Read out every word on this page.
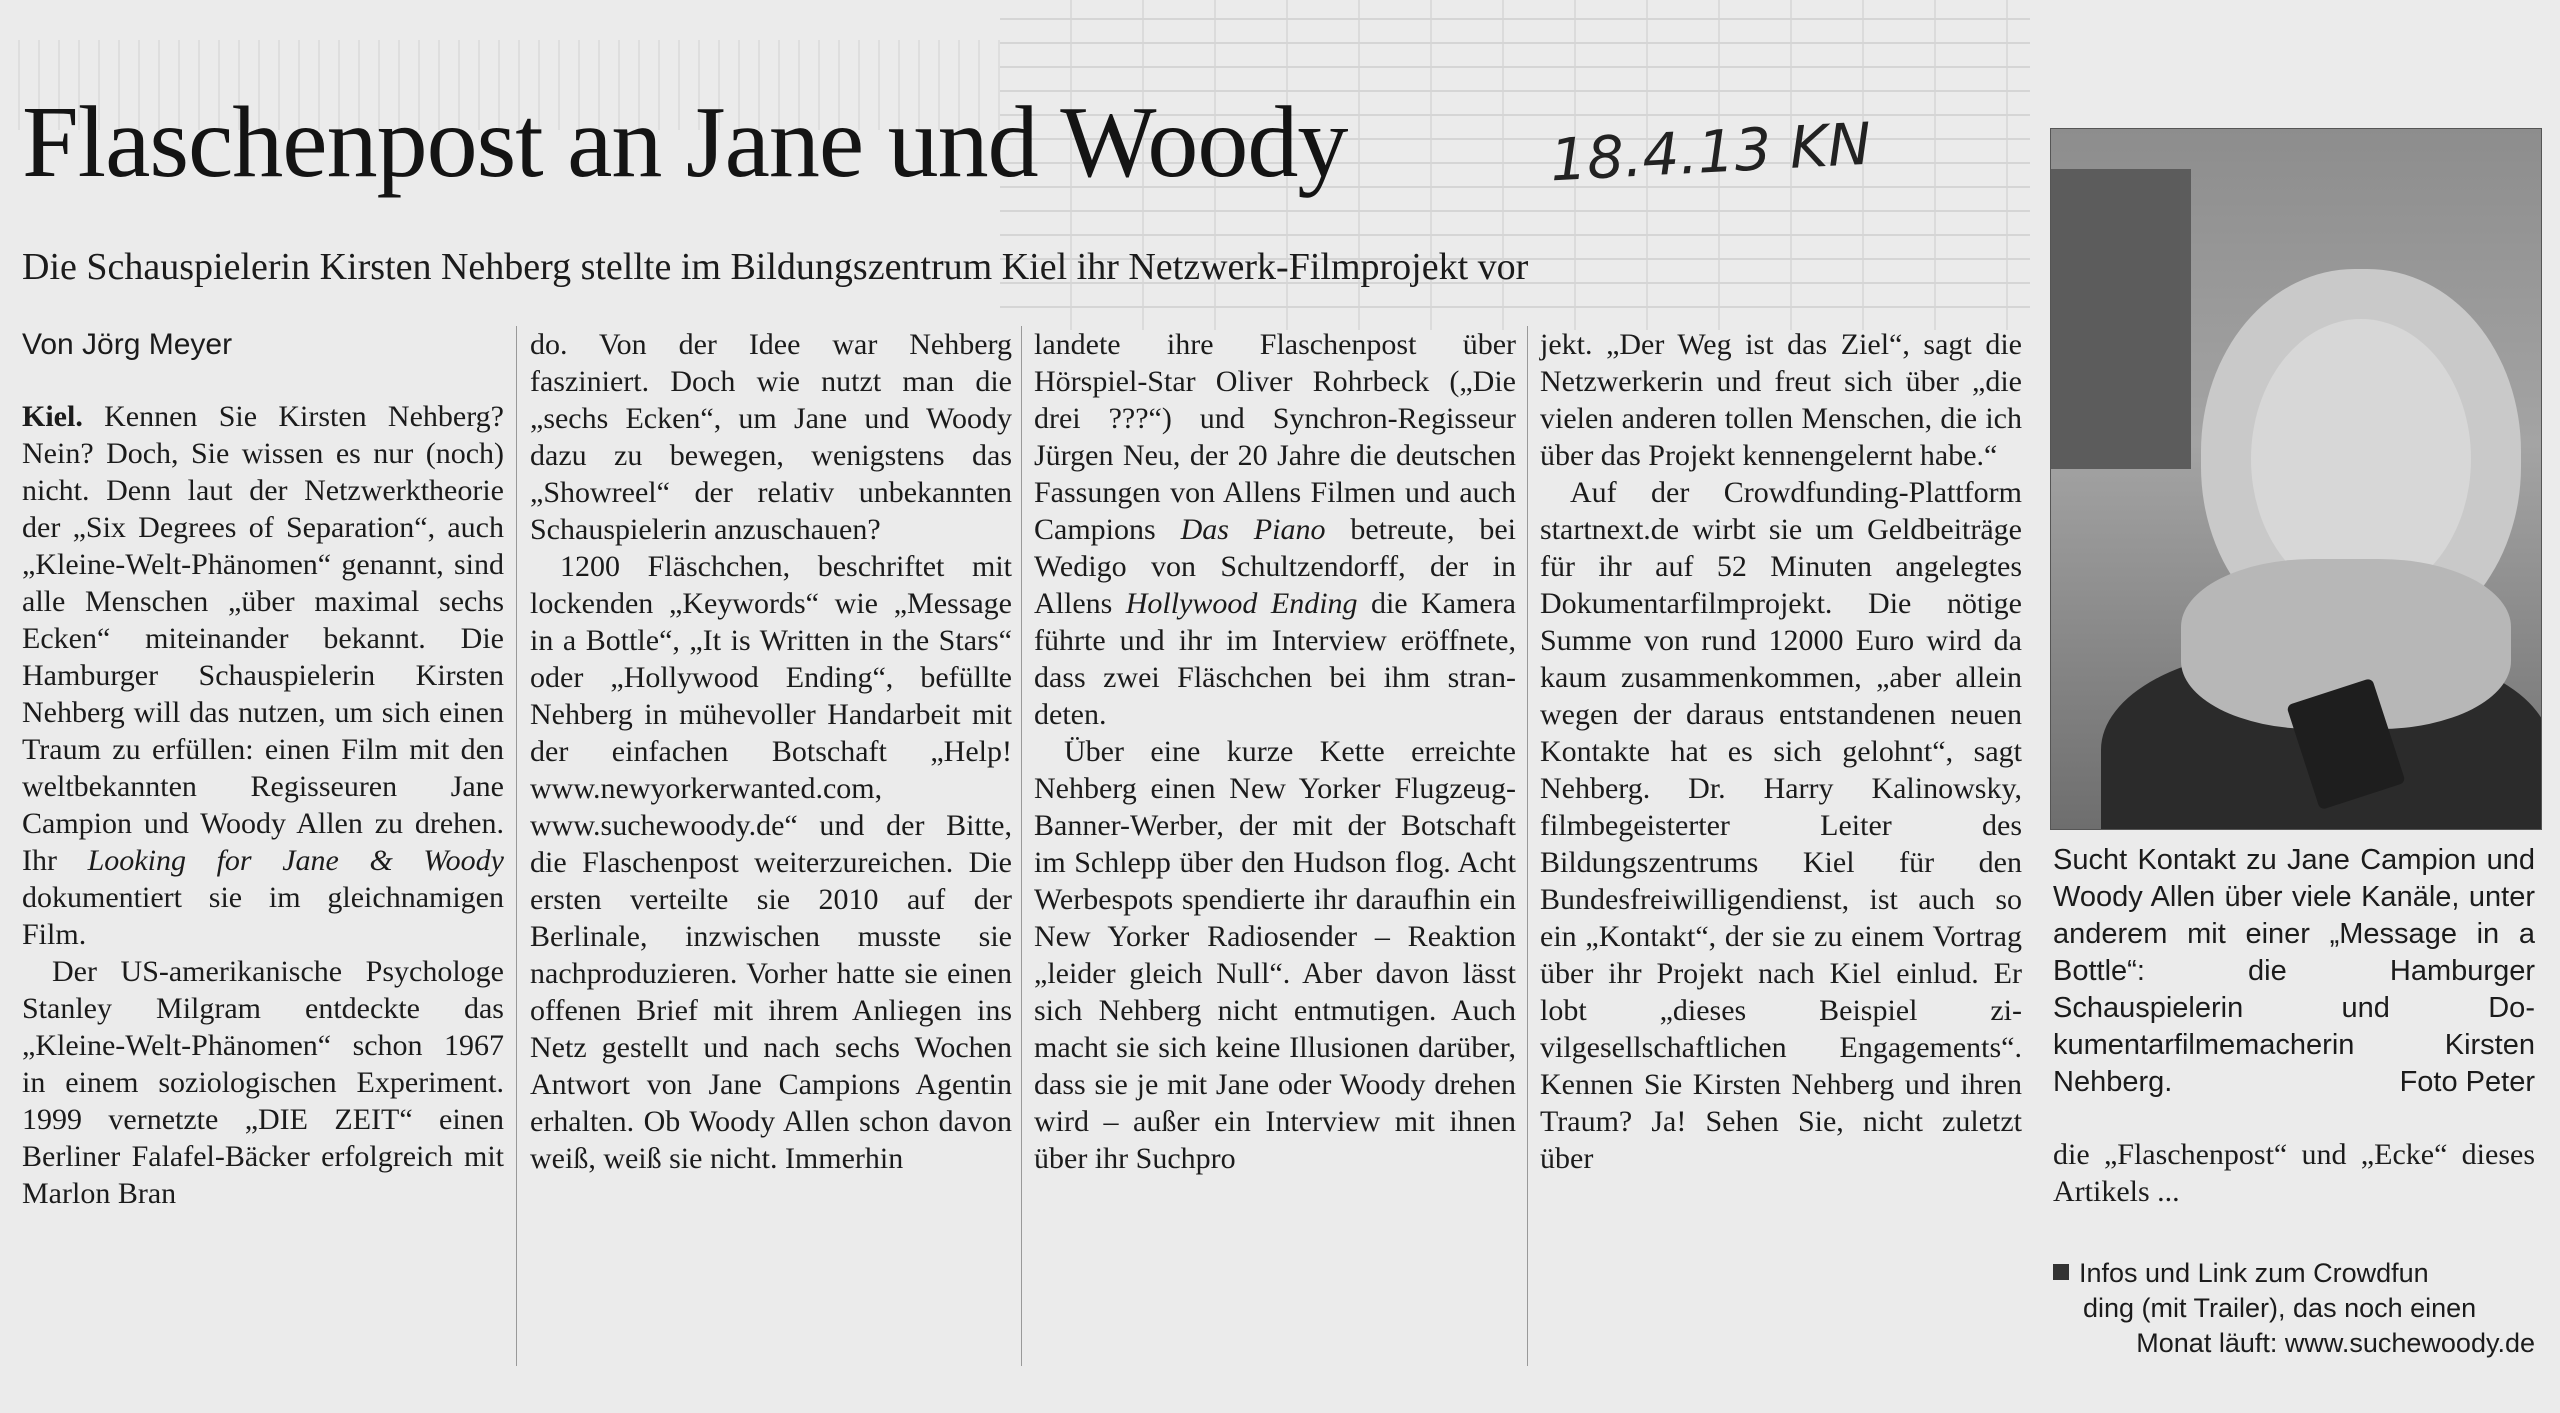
Flaschenpost an Jane und Woody	18.4.13 KN
Die Schauspielerin Kirsten Nehberg stellte im Bildungszentrum Kiel ihr Netzwerk-Filmprojekt vor
Von Jörg Meyer

Kiel. Kennen Sie Kirsten Nehberg? Nein? Doch, Sie wissen es nur (noch) nicht. Denn laut der Netzwerktheorie der „Six Degrees of Separation“, auch „Kleine-Welt-Phänomen“ genannt, sind alle Menschen „über maximal sechs Ecken“ miteinander bekannt. Die Hamburger Schauspielerin Kirsten Nehberg will das nutzen, um sich einen Traum zu erfüllen: einen Film mit den weltbekannten Regisseuren Jane Campion und Woody Allen zu drehen. Ihr Looking for Jane & Woody dokumentiert sie im gleichnamigen Film.

Der US-amerikanische Psychologe Stanley Milgram entdeckte das „Kleine-Welt-Phänomen“ schon 1967 in einem soziologischen Experiment. 1999 vernetzte „DIE ZEIT“ einen Berliner Falafel-Bäcker erfolgreich mit Marlon Bran

do. Von der Idee war Nehberg fasziniert. Doch wie nutzt man die „sechs Ecken“, um Jane und Woody dazu zu bewegen, wenigstens das „Showreel“ der relativ unbekannten Schauspielerin anzuschauen?

1200 Fläschchen, beschriftet mit lockenden „Keywords“ wie „Message in a Bottle“, „It is Written in the Stars“ oder „Hollywood Ending“, befüllte Nehberg in mühevoller Handarbeit mit der einfachen Botschaft „Help! www.newyorkerwanted.com, www.suchewoody.de“ und der Bitte, die Flaschenpost weiterzureichen. Die ersten verteilte sie 2010 auf der Berlinale, inzwischen musste sie nachproduzieren. Vorher hatte sie einen offenen Brief mit ihrem Anliegen ins Netz gestellt und nach sechs Wochen Antwort von Jane Campions Agentin erhalten. Ob Woody Allen schon davon weiß, weiß sie nicht. Immerhin

landete ihre Flaschenpost über Hörspiel-Star Oliver Rohrbeck („Die drei ???“) und Synchron-Regisseur Jürgen Neu, der 20 Jahre die deutschen Fassungen von Allens Filmen und auch Campions Das Piano betreute, bei Wedigo von Schultzendorff, der in Allens Hollywood Ending die Kamera führte und ihr im Interview eröffnete, dass zwei Fläschchen bei ihm strandeten.

Über eine kurze Kette erreichte Nehberg einen New Yorker Flugzeug-Banner-Werber, der mit der Botschaft im Schlepp über den Hudson flog. Acht Werbespots spendierte ihr daraufhin ein New Yorker Radiosender – Reaktion „leider gleich Null“. Aber davon lässt sich Nehberg nicht entmutigen. Auch macht sie sich keine Illusionen darüber, dass sie je mit Jane oder Woody drehen wird – außer ein Interview mit ihnen über ihr Suchpro

jekt. „Der Weg ist das Ziel“, sagt die Netzwerkerin und freut sich über „die vielen anderen tollen Menschen, die ich über das Projekt kennengelernt habe.“

Auf der Crowdfunding-Plattform startnext.de wirbt sie um Geldbeiträge für ihr auf 52 Minuten angelegtes Dokumentarfilmprojekt. Die nötige Summe von rund 12000 Euro wird da kaum zusammenkommen, „aber allein wegen der daraus entstandenen neuen Kontakte hat es sich gelohnt“, sagt Nehberg. Dr. Harry Kalinowsky, filmbegeisterter Leiter des Bildungszentrums Kiel für den Bundesfreiwilligendienst, ist auch so ein „Kontakt“, der sie zu einem Vortrag über ihr Projekt nach Kiel einlud. Er lobt „dieses Beispiel zivilgesellschaftlichen Engagements“. Kennen Sie Kirsten Nehberg und ihren Traum? Ja! Sehen Sie, nicht zuletzt über

Sucht Kontakt zu Jane Campion und Woody Allen über viele Kanäle, unter anderem mit einer „Message in a Bottle“: die Hamburger Schauspielerin und Dokumentarfilmemacherin Kirsten Nehberg.	Foto Peter
die „Flaschenpost“ und „Ecke“ dieses Artikels ...
Infos und Link zum Crowdfun
ding (mit Trailer), das noch einen
Monat läuft: www.suchewoody.de
